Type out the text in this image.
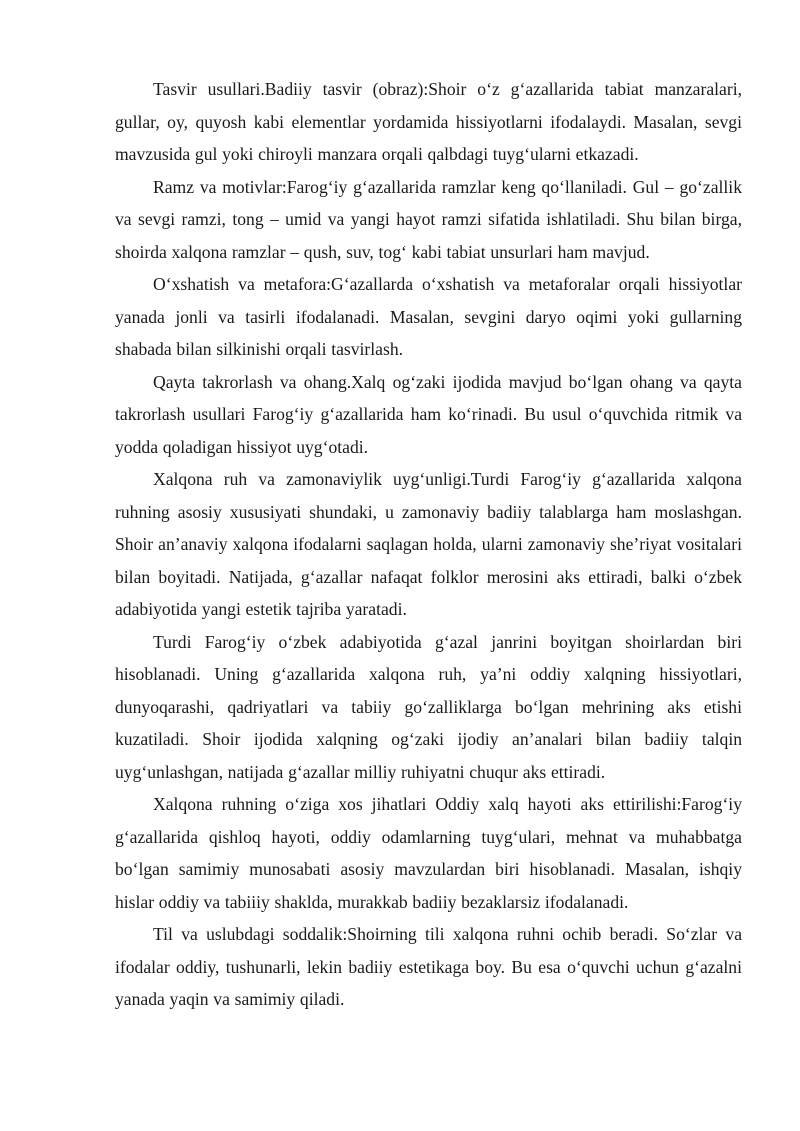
Tasvir usullari.Badiiy tasvir (obraz):Shoir o‘z g‘azallarida tabiat manzaralari, gullar, oy, quyosh kabi elementlar yordamida hissiyotlarni ifodalaydi. Masalan, sevgi mavzusida gul yoki chiroyli manzara orqali qalbdagi tuyg‘ularni etkazadi.

Ramz va motivlar:Farog‘iy g‘azallarida ramzlar keng qo‘llaniladi. Gul – go‘zallik va sevgi ramzi, tong – umid va yangi hayot ramzi sifatida ishlatiladi. Shu bilan birga, shoirda xalqona ramzlar – qush, suv, tog‘ kabi tabiat unsurlari ham mavjud.

O‘xshatish va metafora:G‘azallarda o‘xshatish va metaforalar orqali hissiyotlar yanada jonli va tasirli ifodalanadi. Masalan, sevgini daryo oqimi yoki gullarning shabada bilan silkinishi orqali tasvirlash.

Qayta takrorlash va ohang.Xalq og‘zaki ijodida mavjud bo‘lgan ohang va qayta takrorlash usullari Farog‘iy g‘azallarida ham ko‘rinadi. Bu usul o‘quvchida ritmik va yodda qoladigan hissiyot uyg‘otadi.

Xalqona ruh va zamonaviylik uyg‘unligi.Turdi Farog‘iy g‘azallarida xalqona ruhning asosiy xususiyati shundaki, u zamonaviy badiiy talablarga ham moslashgan. Shoir an’anaviy xalqona ifodalarni saqlagan holda, ularni zamonaviy she’riyat vositalari bilan boyitadi. Natijada, g‘azallar nafaqat folklor merosini aks ettiradi, balki o‘zbek adabiyotida yangi estetik tajriba yaratadi.

Turdi Farog‘iy o‘zbek adabiyotida g‘azal janrini boyitgan shoirlardan biri hisoblanadi. Uning g‘azallarida xalqona ruh, ya’ni oddiy xalqning hissiyotlari, dunyoqarashi, qadriyatlari va tabiiy go‘zalliklarga bo‘lgan mehrining aks etishi kuzatiladi. Shoir ijodida xalqning og‘zaki ijodiy an’analari bilan badiiy talqin uyg‘unlashgan, natijada g‘azallar milliy ruhiyatni chuqur aks ettiradi.

Xalqona ruhning o‘ziga xos jihatlari Oddiy xalq hayoti aks ettirilishi:Farog‘iy g‘azallarida qishloq hayoti, oddiy odamlarning tuyg‘ulari, mehnat va muhabbatga bo‘lgan samimiy munosabati asosiy mavzulardan biri hisoblanadi. Masalan, ishqiy hislar oddiy va tabiiiy shaklda, murakkab badiiy bezaklarsiz ifodalanadi.

Til va uslubdagi soddalik:Shoirning tili xalqona ruhni ochib beradi. So‘zlar va ifodalar oddiy, tushunarli, lekin badiiy estetikaga boy. Bu esa o‘quvchi uchun g‘azalni yanada yaqin va samimiy qiladi.
